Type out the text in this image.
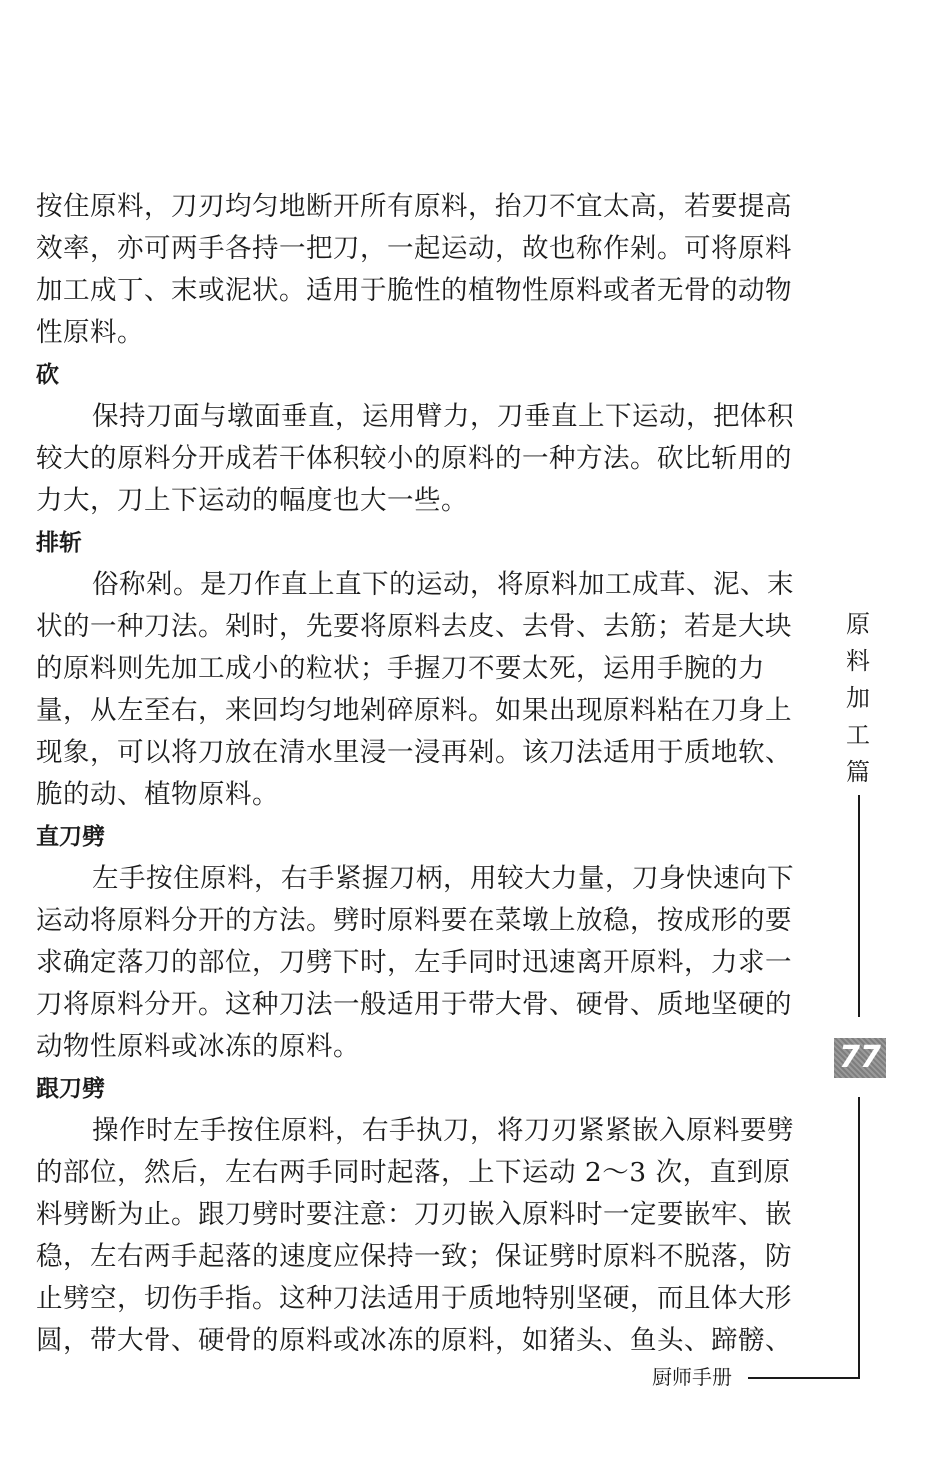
按住原料，刀刃均匀地断开所有原料，抬刀不宜太高，若要提高
效率，亦可两手各持一把刀，一起运动，故也称作剁。可将原料
加工成丁、末或泥状。适用于脆性的植物性原料或者无骨的动物
性原料。
砍
保持刀面与墩面垂直，运用臂力，刀垂直上下运动，把体积
较大的原料分开成若干体积较小的原料的一种方法。砍比斩用的
力大，刀上下运动的幅度也大一些。
排斩
俗称剁。是刀作直上直下的运动，将原料加工成茸、泥、末
状的一种刀法。剁时，先要将原料去皮、去骨、去筋；若是大块
的原料则先加工成小的粒状；手握刀不要太死，运用手腕的力
量，从左至右，来回均匀地剁碎原料。如果出现原料粘在刀身上
现象，可以将刀放在清水里浸一浸再剁。该刀法适用于质地软、
脆的动、植物原料。
直刀劈
左手按住原料，右手紧握刀柄，用较大力量，刀身快速向下
运动将原料分开的方法。劈时原料要在菜墩上放稳，按成形的要
求确定落刀的部位，刀劈下时，左手同时迅速离开原料，力求一
刀将原料分开。这种刀法一般适用于带大骨、硬骨、质地坚硬的
动物性原料或冰冻的原料。
跟刀劈
操作时左手按住原料，右手执刀，将刀刃紧紧嵌入原料要劈
的部位，然后，左右两手同时起落，上下运动 2～3 次，直到原
料劈断为止。跟刀劈时要注意：刀刃嵌入原料时一定要嵌牢、嵌
稳，左右两手起落的速度应保持一致；保证劈时原料不脱落，防
止劈空，切伤手指。这种刀法适用于质地特别坚硬，而且体大形
圆，带大骨、硬骨的原料或冰冻的原料，如猪头、鱼头、蹄髈、
原
料
加
工
篇
77
厨师手册
